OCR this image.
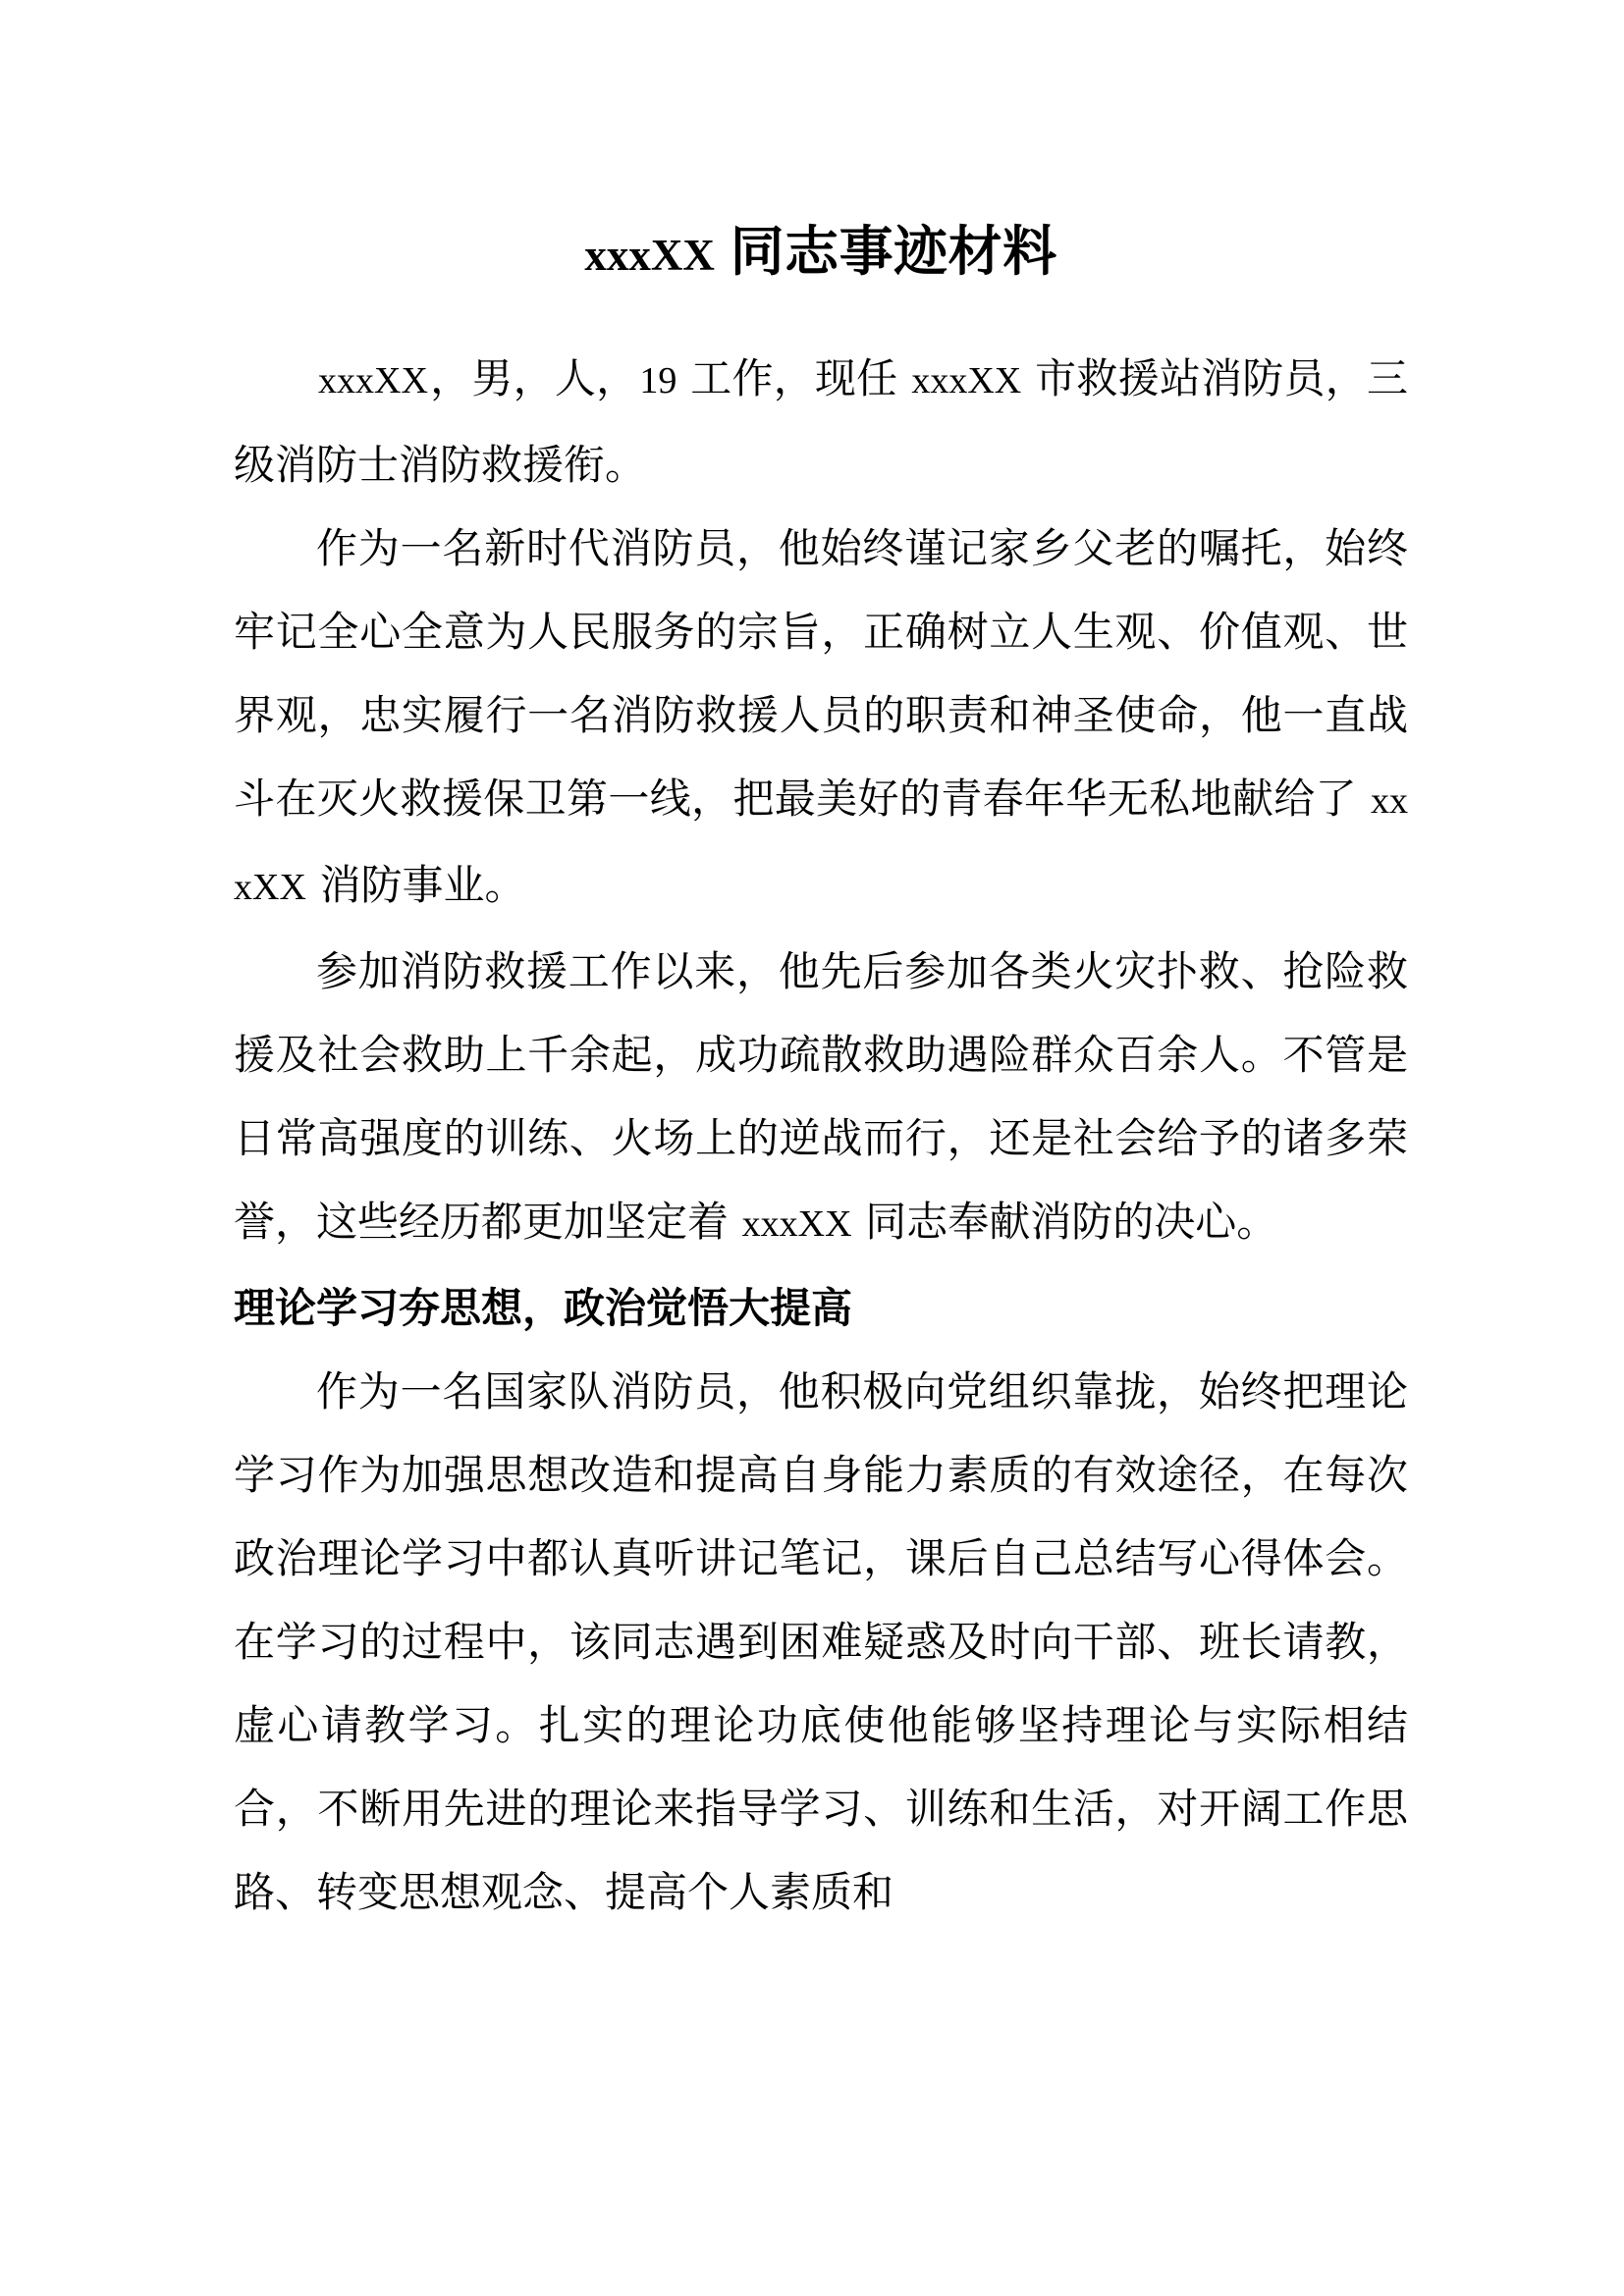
xxxXX 同志事迹材料

xxxXX，男，人，19 工作，现任 xxxXX 市救援站消防员，三级消防士消防救援衔。

作为一名新时代消防员，他始终谨记家乡父老的嘱托，始终牢记全心全意为人民服务的宗旨，正确树立人生观、价值观、世界观，忠实履行一名消防救援人员的职责和神圣使命，他一直战斗在灭火救援保卫第一线，把最美好的青春年华无私地献给了 xxxXX 消防事业。

参加消防救援工作以来，他先后参加各类火灾扑救、抢险救援及社会救助上千余起，成功疏散救助遇险群众百余人。不管是日常高强度的训练、火场上的逆战而行，还是社会给予的诸多荣誉，这些经历都更加坚定着 xxxXX 同志奉献消防的决心。

理论学习夯思想，政治觉悟大提高

作为一名国家队消防员，他积极向党组织靠拢，始终把理论学习作为加强思想改造和提高自身能力素质的有效途径，在每次政治理论学习中都认真听讲记笔记，课后自己总结写心得体会。在学习的过程中，该同志遇到困难疑惑及时向干部、班长请教，虚心请教学习。扎实的理论功底使他能够坚持理论与实际相结合，不断用先进的理论来指导学习、训练和生活，对开阔工作思路、转变思想观念、提高个人素质和
